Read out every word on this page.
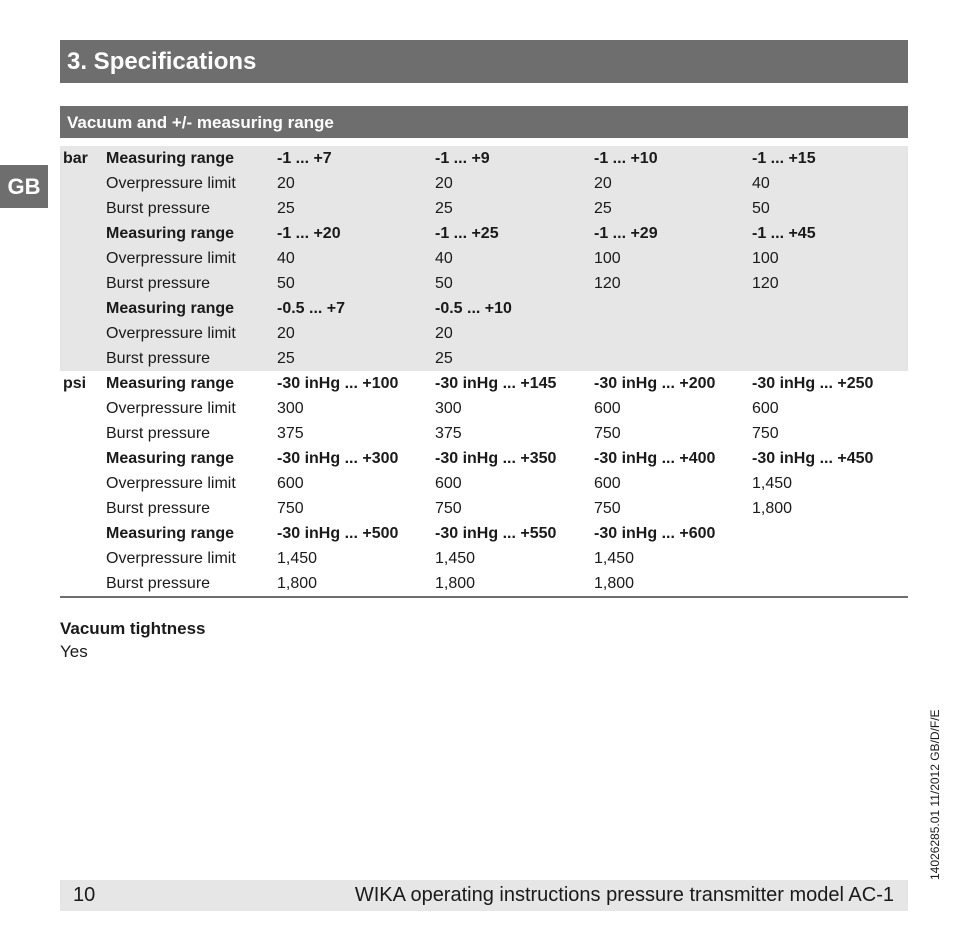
3. Specifications
GB
Vacuum and +/- measuring range
bar	Measuring range	-1 ... +7	-1 ... +9	-1 ... +10	-1 ... +15
	Overpressure limit	20	20	20	40
	Burst pressure	25	25	25	50
	Measuring range	-1 ... +20	-1 ... +25	-1 ... +29	-1 ... +45
	Overpressure limit	40	40	100	100
	Burst pressure	50	50	120	120
	Measuring range	-0.5 ... +7	-0.5 ... +10		
	Overpressure limit	20	20		
	Burst pressure	25	25		
psi	Measuring range	-30 inHg ... +100	-30 inHg ... +145	-30 inHg ... +200	-30 inHg ... +250
	Overpressure limit	300	300	600	600
	Burst pressure	375	375	750	750
	Measuring range	-30 inHg ... +300	-30 inHg ... +350	-30 inHg ... +400	-30 inHg ... +450
	Overpressure limit	600	600	600	1,450
	Burst pressure	750	750	750	1,800
	Measuring range	-30 inHg ... +500	-30 inHg ... +550	-30 inHg ... +600	
	Overpressure limit	1,450	1,450	1,450	
	Burst pressure	1,800	1,800	1,800	
Vacuum tightness
Yes
14026285.01 11/2012 GB/D/F/E
10	WIKA operating instructions pressure transmitter model AC-1
